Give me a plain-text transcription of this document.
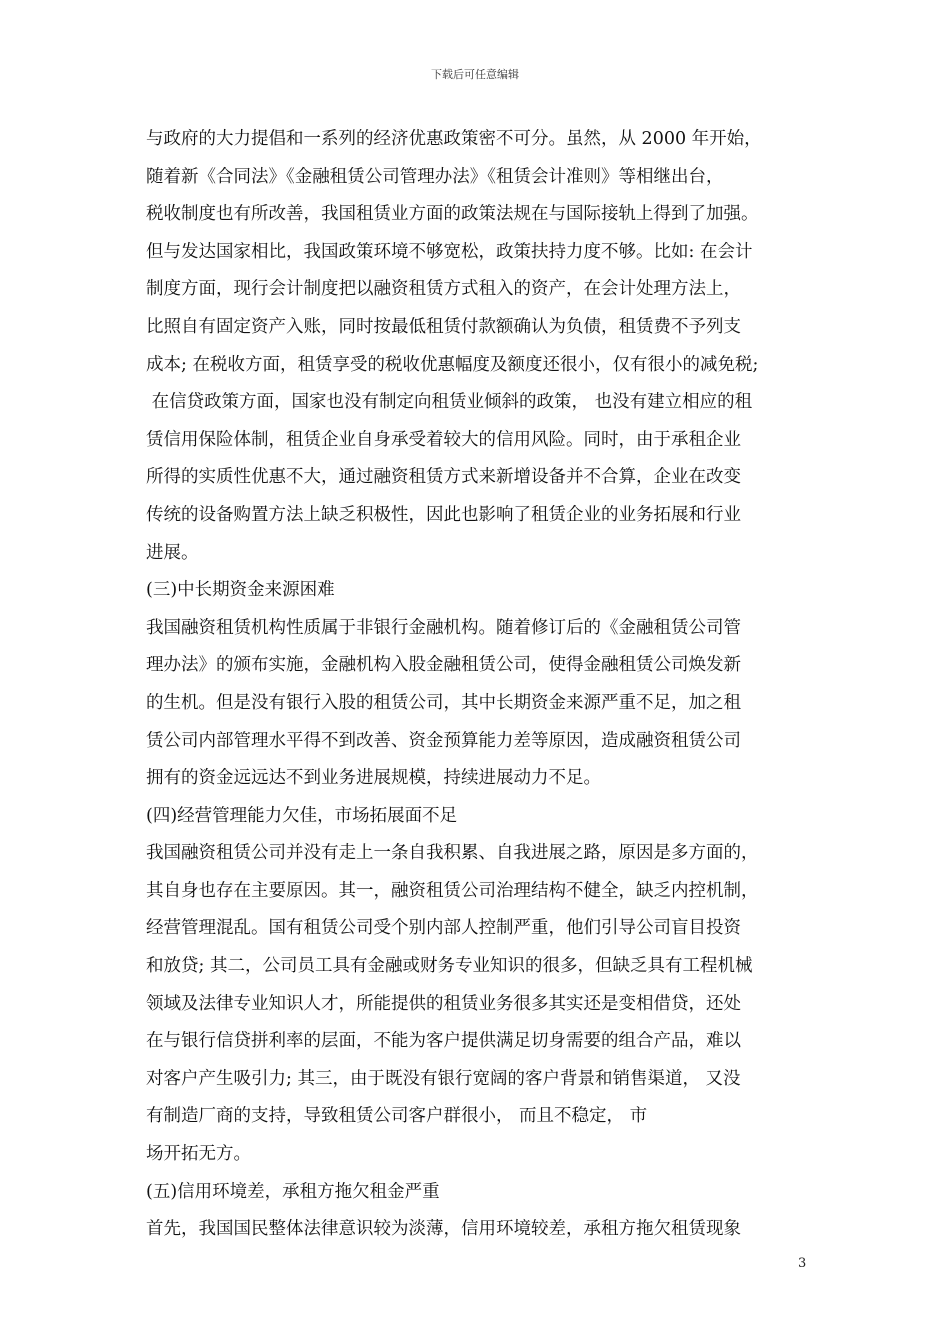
下载后可任意编辑
与政府的大力提倡和一系列的经济优惠政策密不可分。虽然，从 2000 年开始，
随着新《合同法》《金融租赁公司管理办法》《租赁会计准则》等相继出台，
税收制度也有所改善，我国租赁业方面的政策法规在与国际接轨上得到了加强。
但与发达国家相比，我国政策环境不够宽松，政策扶持力度不够。比如: 在会计
制度方面，现行会计制度把以融资租赁方式租入的资产，在会计处理方法上，
比照自有固定资产入账，同时按最低租赁付款额确认为负债，租赁费不予列支
成本; 在税收方面，租赁享受的税收优惠幅度及额度还很小，仅有很小的减免税;
在信贷政策方面，国家也没有制定向租赁业倾斜的政策， 也没有建立相应的租
赁信用保险体制，租赁企业自身承受着较大的信用风险。同时，由于承租企业
所得的实质性优惠不大，通过融资租赁方式来新增设备并不合算，企业在改变
传统的设备购置方法上缺乏积极性，因此也影响了租赁企业的业务拓展和行业
进展。
(三)中长期资金来源困难
我国融资租赁机构性质属于非银行金融机构。随着修订后的《金融租赁公司管
理办法》的颁布实施，金融机构入股金融租赁公司，使得金融租赁公司焕发新
的生机。但是没有银行入股的租赁公司，其中长期资金来源严重不足，加之租
赁公司内部管理水平得不到改善、资金预算能力差等原因，造成融资租赁公司
拥有的资金远远达不到业务进展规模，持续进展动力不足。
(四)经营管理能力欠佳，市场拓展面不足
我国融资租赁公司并没有走上一条自我积累、自我进展之路，原因是多方面的，
其自身也存在主要原因。其一，融资租赁公司治理结构不健全，缺乏内控机制，
经营管理混乱。国有租赁公司受个别内部人控制严重，他们引导公司盲目投资
和放贷; 其二，公司员工具有金融或财务专业知识的很多，但缺乏具有工程机械
领域及法律专业知识人才，所能提供的租赁业务很多其实还是变相借贷，还处
在与银行信贷拼利率的层面，不能为客户提供满足切身需要的组合产品，难以
对客户产生吸引力; 其三，由于既没有银行宽阔的客户背景和销售渠道， 又没
有制造厂商的支持，导致租赁公司客户群很小， 而且不稳定， 市
场开拓无方。
(五)信用环境差，承租方拖欠租金严重
首先，我国国民整体法律意识较为淡薄，信用环境较差，承租方拖欠租赁现象
3
